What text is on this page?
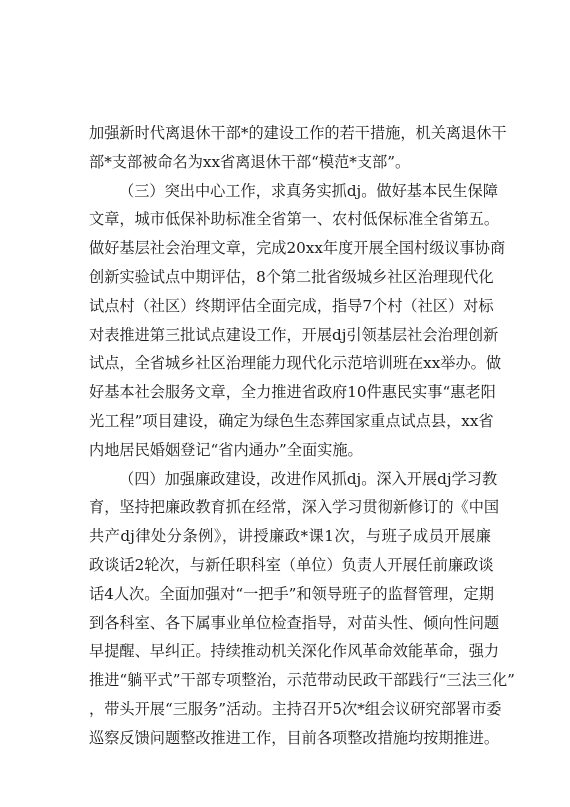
加强新时代离退休干部*的建设工作的若干措施，机关离退休干
部*支部被命名为xx省离退休干部“模范*支部”。

（三）突出中心工作，求真务实抓dj。做好基本民生保障
文章，城市低保补助标准全省第一、农村低保标准全省第五。
做好基层社会治理文章，完成20xx年度开展全国村级议事协商
创新实验试点中期评估，8个第二批省级城乡社区治理现代化
试点村（社区）终期评估全面完成，指导7个村（社区）对标
对表推进第三批试点建设工作，开展dj引领基层社会治理创新
试点，全省城乡社区治理能力现代化示范培训班在xx举办。做
好基本社会服务文章，全力推进省政府10件惠民实事“惠老阳
光工程”项目建设，确定为绿色生态葬国家重点试点县，xx省
内地居民婚姻登记“省内通办”全面实施。

（四）加强廉政建设，改进作风抓dj。深入开展dj学习教
育，坚持把廉政教育抓在经常，深入学习贯彻新修订的《中国
共产dj律处分条例》，讲授廉政*课1次，与班子成员开展廉
政谈话2轮次，与新任职科室（单位）负责人开展任前廉政谈
话4人次。全面加强对“一把手”和领导班子的监督管理，定期
到各科室、各下属事业单位检查指导，对苗头性、倾向性问题
早提醒、早纠正。持续推动机关深化作风革命效能革命，强力
推进“躺平式”干部专项整治，示范带动民政干部践行“三法三化”
，带头开展“三服务”活动。主持召开5次*组会议研究部署市委
巡察反馈问题整改推进工作，目前各项整改措施均按期推进。
